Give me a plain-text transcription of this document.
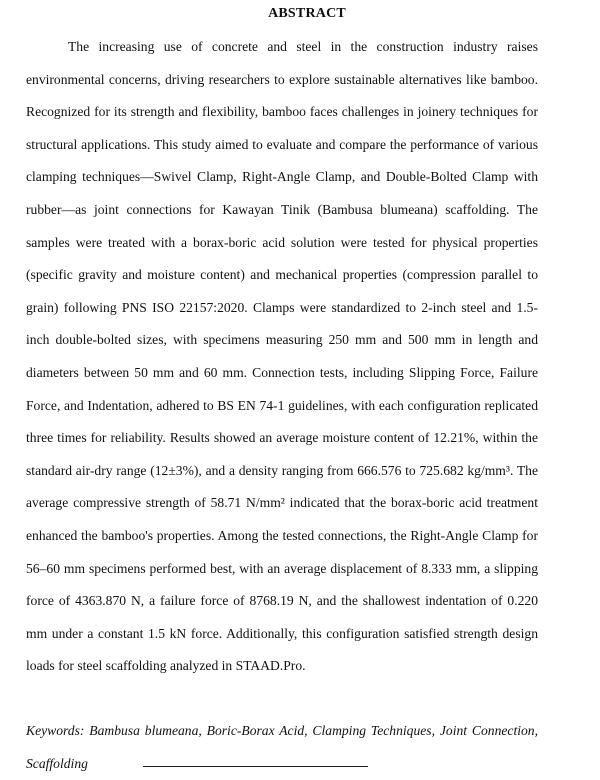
ABSTRACT

The increasing use of concrete and steel in the construction industry raises environmental concerns, driving researchers to explore sustainable alternatives like bamboo. Recognized for its strength and flexibility, bamboo faces challenges in joinery techniques for structural applications. This study aimed to evaluate and compare the performance of various clamping techniques—Swivel Clamp, Right-Angle Clamp, and Double-Bolted Clamp with rubber—as joint connections for Kawayan Tinik (Bambusa blumeana) scaffolding. The samples were treated with a borax-boric acid solution were tested for physical properties (specific gravity and moisture content) and mechanical properties (compression parallel to grain) following PNS ISO 22157:2020. Clamps were standardized to 2-inch steel and 1.5-inch double-bolted sizes, with specimens measuring 250 mm and 500 mm in length and diameters between 50 mm and 60 mm. Connection tests, including Slipping Force, Failure Force, and Indentation, adhered to BS EN 74-1 guidelines, with each configuration replicated three times for reliability. Results showed an average moisture content of 12.21%, within the standard air-dry range (12±3%), and a density ranging from 666.576 to 725.682 kg/mm³. The average compressive strength of 58.71 N/mm² indicated that the borax-boric acid treatment enhanced the bamboo's properties. Among the tested connections, the Right-Angle Clamp for 56–60 mm specimens performed best, with an average displacement of 8.333 mm, a slipping force of 4363.870 N, a failure force of 8768.19 N, and the shallowest indentation of 0.220 mm under a constant 1.5 kN force. Additionally, this configuration satisfied strength design loads for steel scaffolding analyzed in STAAD.Pro.

Keywords: Bambusa blumeana, Boric-Borax Acid, Clamping Techniques, Joint Connection, Scaffolding
